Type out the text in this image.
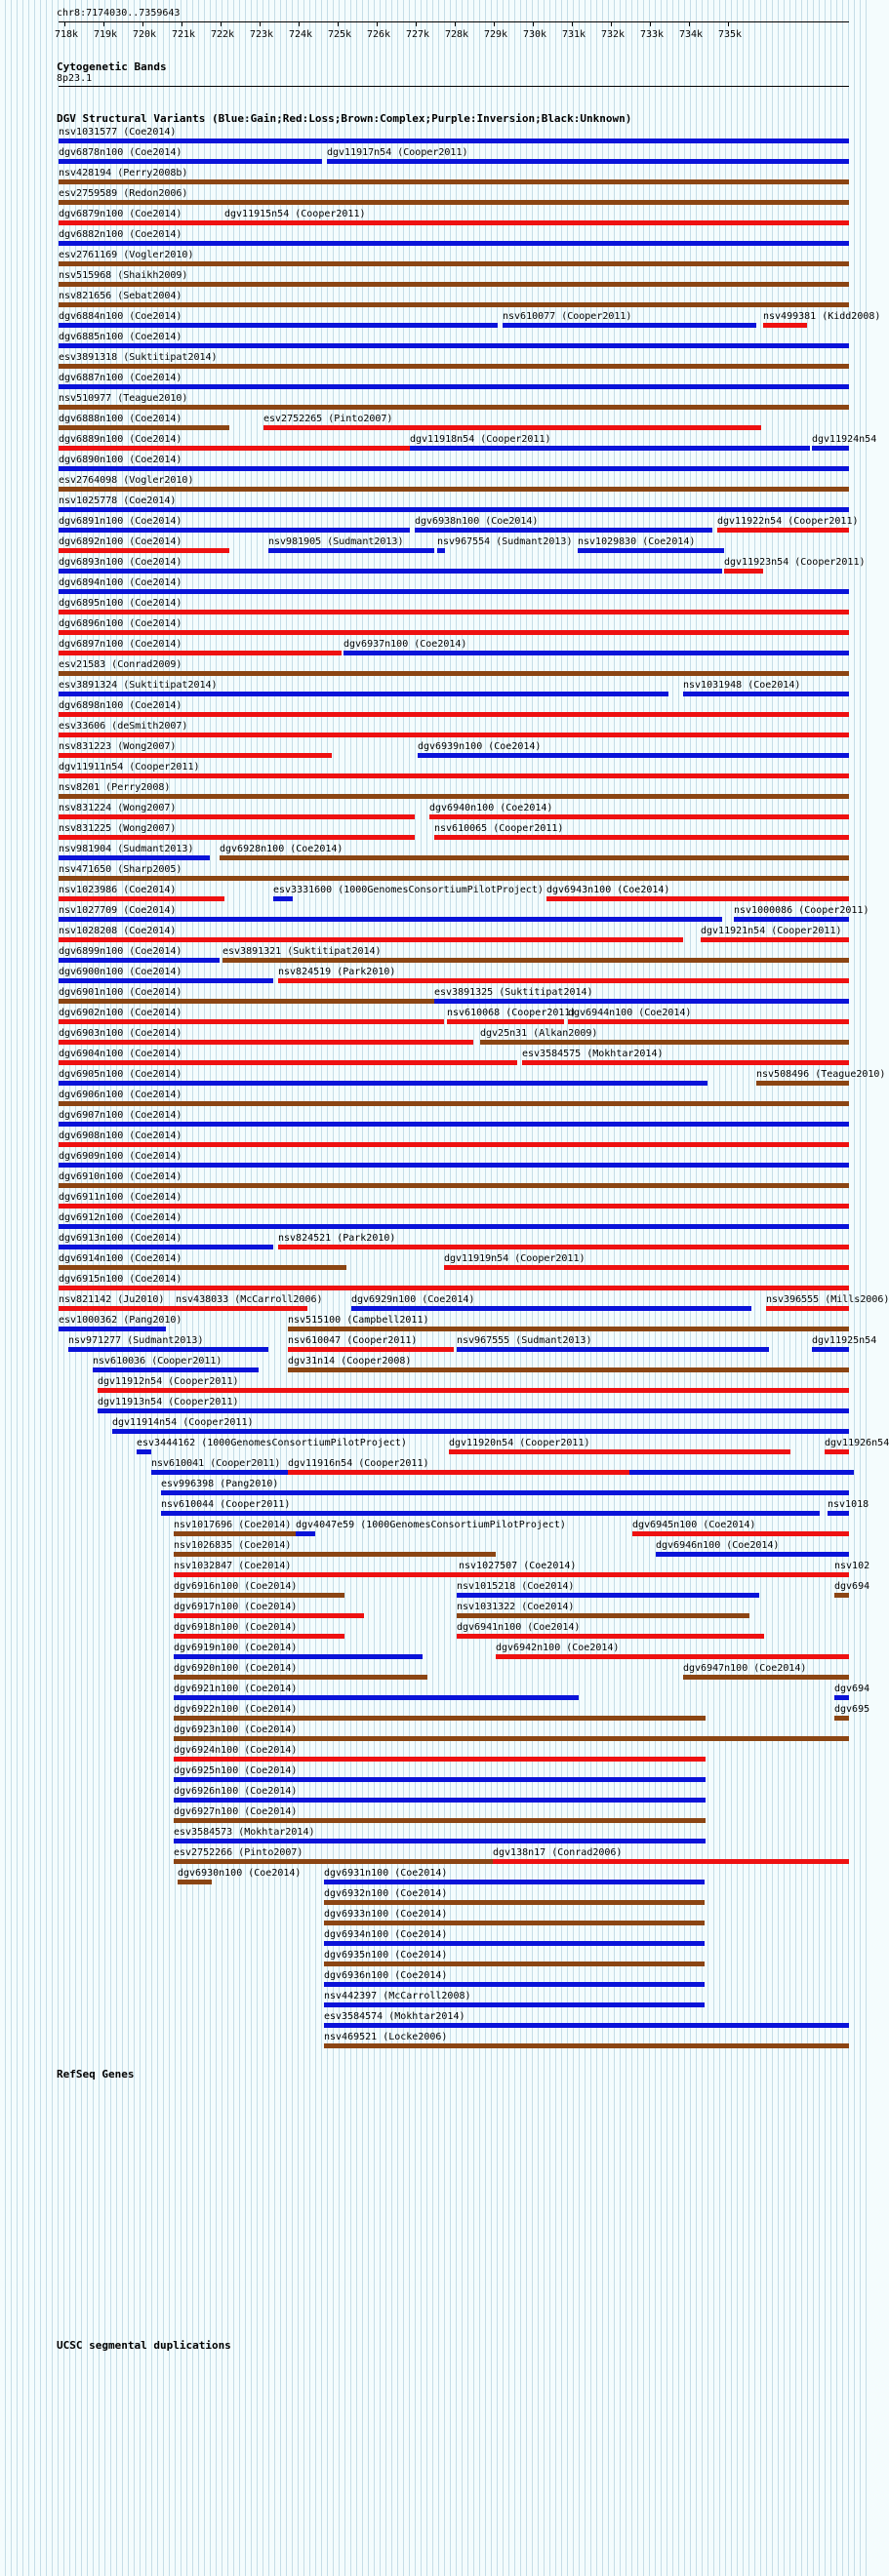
chr8:7174030..7359643
718k 719k 720k 721k 722k 723k 724k 725k 726k 727k 728k 729k 730k 731k 732k 733k 734k 735k
Cytogenetic Bands
8p23.1
DGV Structural Variants (Blue:Gain;Red:Loss;Brown:Complex;Purple:Inversion;Black:Unknown)
nsv1031577 (Coe2014)
dgv6878n100 (Coe2014)	dgv11917n54 (Cooper2011)
nsv428194 (Perry2008b)
esv2759589 (Redon2006)
dgv6879n100 (Coe2014)	dgv11915n54 (Cooper2011)
dgv6882n100 (Coe2014)
esv2761169 (Vogler2010)
nsv515968 (Shaikh2009)
nsv821656 (Sebat2004)
dgv6884n100 (Coe2014)	nsv610077 (Cooper2011)	nsv499381 (Kidd2008)
dgv6885n100 (Coe2014)
esv3891318 (Suktitipat2014)
dgv6887n100 (Coe2014)
nsv510977 (Teague2010)
dgv6888n100 (Coe2014)	esv2752265 (Pinto2007)
dgv6889n100 (Coe2014)	dgv11918n54 (Cooper2011)	dgv11924n54
dgv6890n100 (Coe2014)
esv2764098 (Vogler2010)
nsv1025778 (Coe2014)
dgv6891n100 (Coe2014)	dgv6938n100 (Coe2014)	dgv11922n54 (Cooper2011)
dgv6892n100 (Coe2014)	nsv981905 (Sudmant2013)	nsv967554 (Sudmant2013) nsv1029830 (Coe2014)
dgv6893n100 (Coe2014)	dgv11923n54 (Cooper2011)
dgv6894n100 (Coe2014)
dgv6895n100 (Coe2014)
dgv6896n100 (Coe2014)
dgv6897n100 (Coe2014)	dgv6937n100 (Coe2014)
esv21583 (Conrad2009)
esv3891324 (Suktitipat2014)	nsv1031948 (Coe2014)
dgv6898n100 (Coe2014)
esv33606 (deSmith2007)
nsv831223 (Wong2007)	dgv6939n100 (Coe2014)
dgv11911n54 (Cooper2011)
nsv8201 (Perry2008)
nsv831224 (Wong2007)	dgv6940n100 (Coe2014)
nsv831225 (Wong2007)	nsv610065 (Cooper2011)
nsv981904 (Sudmant2013)	dgv6928n100 (Coe2014)
nsv471650 (Sharp2005)
nsv1023986 (Coe2014)	esv3331600 (1000GenomesConsortiumPilotProject) dgv6943n100 (Coe2014)
nsv1027709 (Coe2014)	nsv1000086 (Cooper2011)
nsv1028208 (Coe2014)	dgv11921n54 (Cooper2011)
dgv6899n100 (Coe2014)	esv3891321 (Suktitipat2014)
dgv6900n100 (Coe2014)	nsv824519 (Park2010)
dgv6901n100 (Coe2014)	esv3891325 (Suktitipat2014)
dgv6902n100 (Coe2014)	nsv610068 (Cooper2011)
dgv6944n100 (Coe2014)
dgv6903n100 (Coe2014)	dgv25n31 (Alkan2009)
dgv6904n100 (Coe2014)	esv3584575 (Mokhtar2014)
dgv6905n100 (Coe2014)	nsv508496 (Teague2010)
dgv6906n100 (Coe2014)
dgv6907n100 (Coe2014)
dgv6908n100 (Coe2014)
dgv6909n100 (Coe2014)
dgv6910n100 (Coe2014)
dgv6911n100 (Coe2014)
dgv6912n100 (Coe2014)
dgv6913n100 (Coe2014)	nsv824521 (Park2010)
dgv6914n100 (Coe2014)	dgv11919n54 (Cooper2011)
dgv6915n100 (Coe2014)
nsv821142 (Ju2010) nsv438033 (McCarroll2006)	dgv6929n100 (Coe2014)	nsv396555 (Mills2006)
esv1000362 (Pang2010)	nsv515100 (Campbell2011)
nsv971277 (Sudmant2013)	nsv610047 (Cooper2011)	nsv967555 (Sudmant2013)	dgv11925n54
nsv610036 (Cooper2011)	dgv31n14 (Cooper2008)
dgv11912n54 (Cooper2011)
dgv11913n54 (Cooper2011)
dgv11914n54 (Cooper2011)
esv3444162 (1000GenomesConsortiumPilotProject)	dgv11920n54 (Cooper2011)	dgv11926n54
nsv610041 (Cooper2011) dgv11916n54 (Cooper2011)
esv996398 (Pang2010)
nsv610044 (Cooper2011)	nsv1018
nsv1017696 (Coe2014) dgv4047e59 (1000GenomesConsortiumPilotProject)	dgv6945n100 (Coe2014)
nsv1026835 (Coe2014)	dgv6946n100 (Coe2014)
nsv1032847 (Coe2014)	nsv1027507 (Coe2014)	nsv102
dgv6916n100 (Coe2014)	nsv1015218 (Coe2014)	dgv694
dgv6917n100 (Coe2014)	nsv1031322 (Coe2014)
dgv6918n100 (Coe2014)	dgv6941n100 (Coe2014)
dgv6919n100 (Coe2014)	dgv6942n100 (Coe2014)
dgv6920n100 (Coe2014)	dgv6947n100 (Coe2014)
dgv6921n100 (Coe2014)	dgv694
dgv6922n100 (Coe2014)	dgv695
dgv6923n100 (Coe2014)
dgv6924n100 (Coe2014)
dgv6925n100 (Coe2014)
dgv6926n100 (Coe2014)
dgv6927n100 (Coe2014)
esv3584573 (Mokhtar2014)
esv2752266 (Pinto2007)	dgv138n17 (Conrad2006)
dgv6930n100 (Coe2014) dgv6931n100 (Coe2014)
dgv6932n100 (Coe2014)
dgv6933n100 (Coe2014)
dgv6934n100 (Coe2014)
dgv6935n100 (Coe2014)
dgv6936n100 (Coe2014)
nsv442397 (McCarroll2008)
esv3584574 (Mokhtar2014)
nsv469521 (Locke2006)
RefSeq Genes
UCSC segmental duplications
